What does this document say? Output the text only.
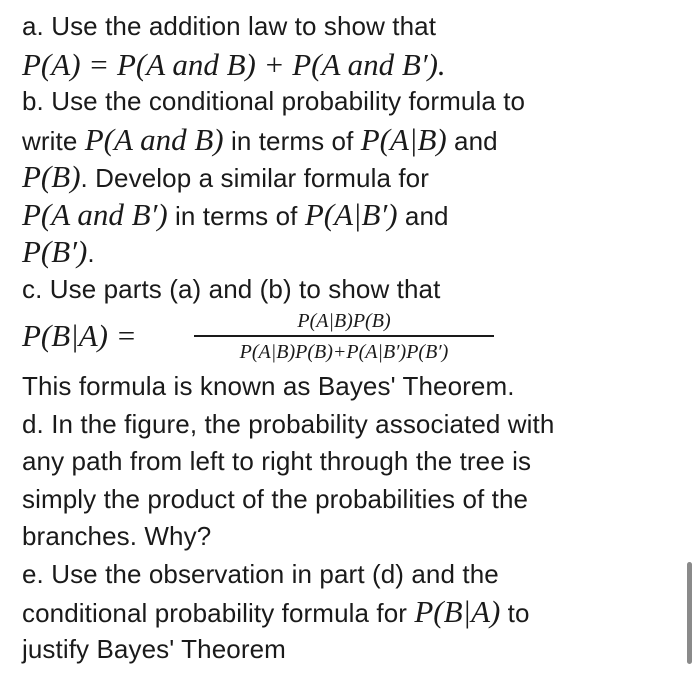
a. Use the addition law to show that
P(A) = P(A and B) + P(A and B′).
b. Use the conditional probability formula to
write P(A and B) in terms of P(A|B) and
P(B). Develop a similar formula for
P(A and B′) in terms of P(A|B′) and
P(B′).
c. Use parts (a) and (b) to show that
P(B|A) =	P(A|B)P(B)
P(A|B)P(B)+P(A|B′)P(B′)
This formula is known as Bayes' Theorem.
d. In the figure, the probability associated with
any path from left to right through the tree is
simply the product of the probabilities of the
branches. Why?
e. Use the observation in part (d) and the
conditional probability formula for P(B|A) to
justify Bayes' Theorem
